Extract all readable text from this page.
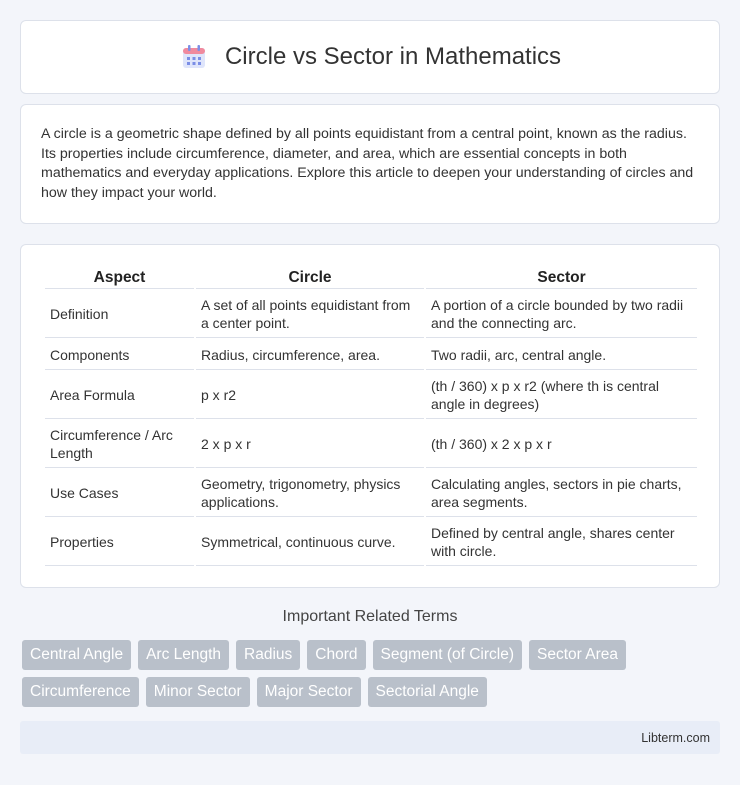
Circle vs Sector in Mathematics

A circle is a geometric shape defined by all points equidistant from a central point, known as the radius. Its properties include circumference, diameter, and area, which are essential concepts in both mathematics and everyday applications. Explore this article to deepen your understanding of circles and how they impact your world.

Aspect	Circle	Sector
Definition	A set of all points equidistant from a center point.	A portion of a circle bounded by two radii and the connecting arc.
Components	Radius, circumference, area.	Two radii, arc, central angle.
Area Formula	p x r2	(th / 360) x p x r2 (where th is central angle in degrees)
Circumference / Arc Length	2 x p x r	(th / 360) x 2 x p x r
Use Cases	Geometry, trigonometry, physics applications.	Calculating angles, sectors in pie charts, area segments.
Properties	Symmetrical, continuous curve.	Defined by central angle, shares center with circle.
Important Related Terms
Central Angle	Arc Length	Radius	Chord	Segment (of Circle)	Sector Area
Circumference	Minor Sector	Major Sector	Sectorial Angle
Libterm.com
